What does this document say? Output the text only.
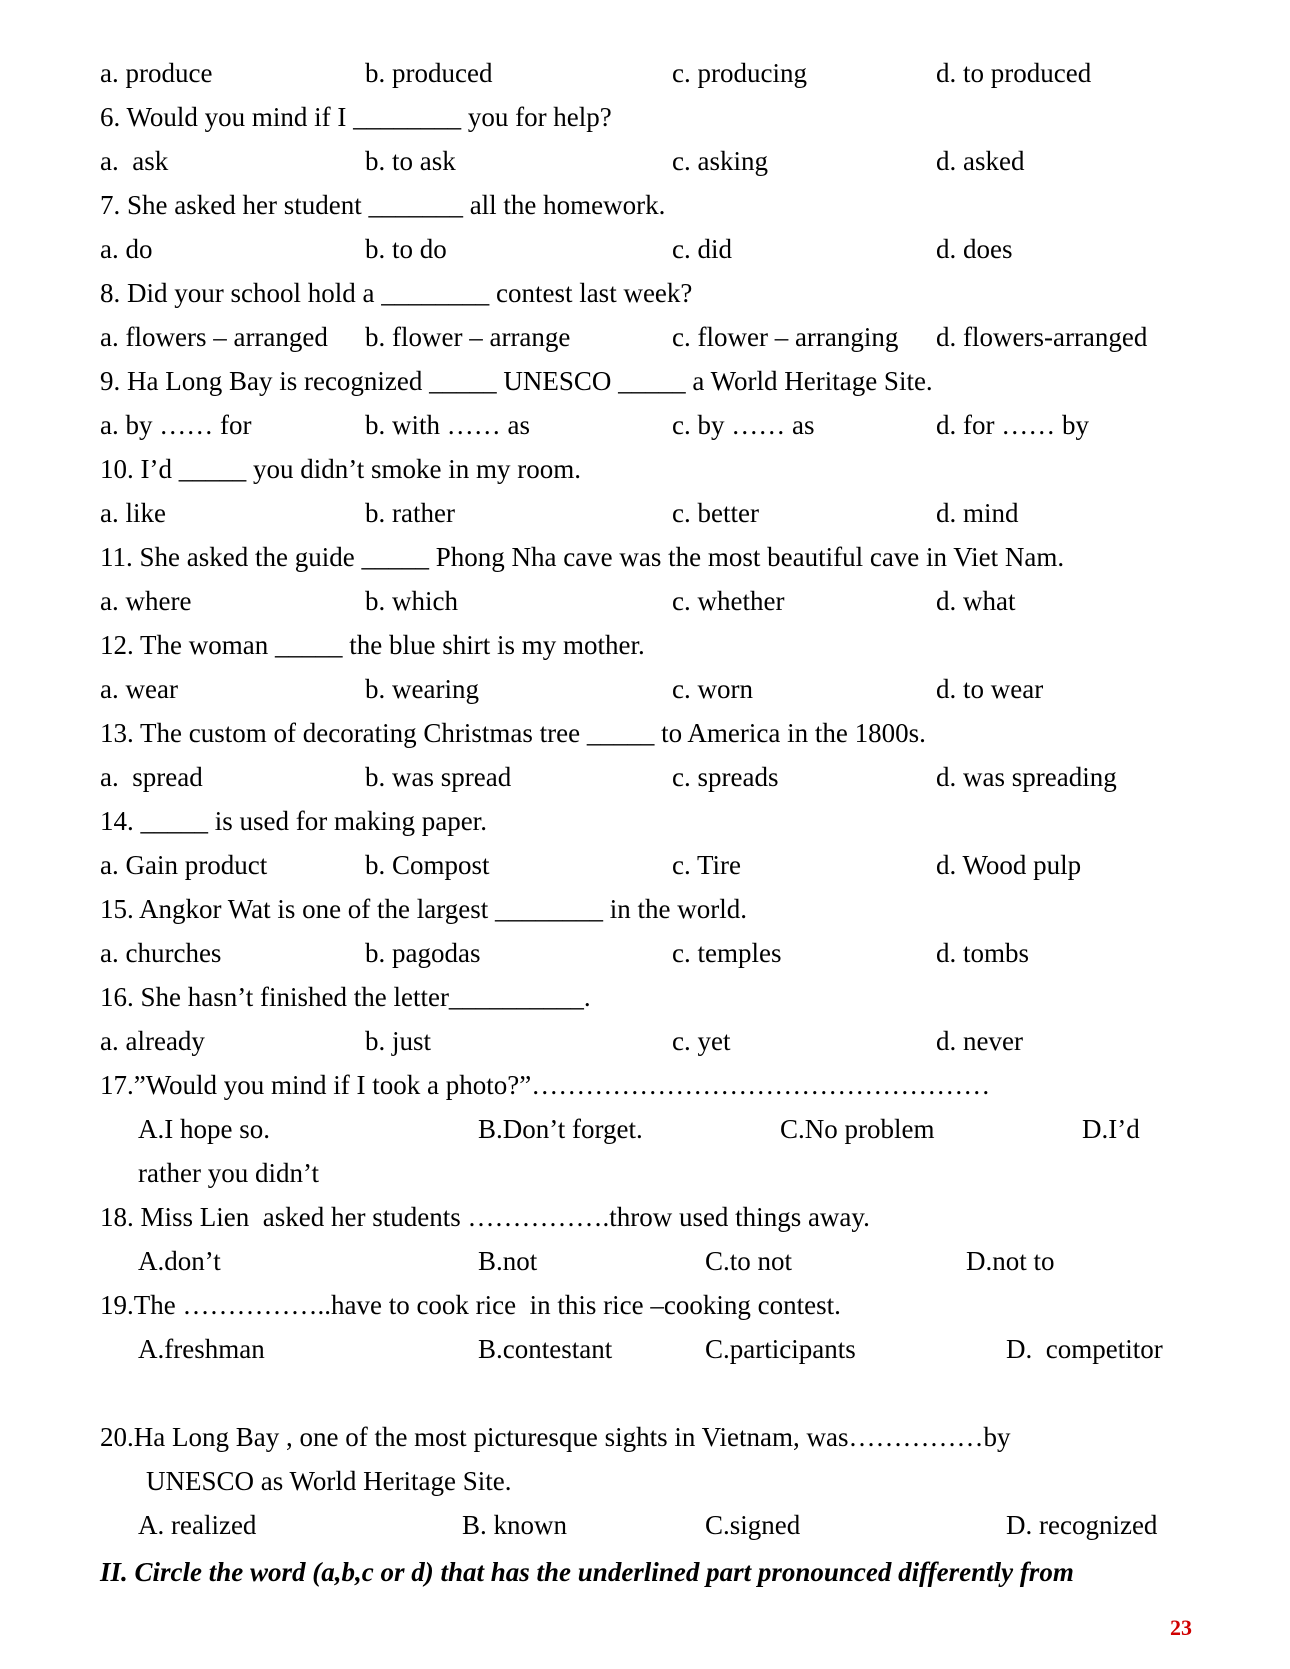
a. produce	b. produced	c. producing	d. to produced
6. Would you mind if I ________ you for help?
a.  ask	b. to ask	c. asking	d. asked
7. She asked her student _______ all the homework.
a. do	b. to do	c. did	d. does
8. Did your school hold a ________ contest last week?
a. flowers – arranged b. flower – arrange	c. flower – arranging d. flowers-arranged
9. Ha Long Bay is recognized _____ UNESCO _____ a World Heritage Site.
a. by …… for	b. with …… as	c. by …… as	d. for …… by
10. I’d _____ you didn’t smoke in my room.
a. like	b. rather	c. better	d. mind
11. She asked the guide _____ Phong Nha cave was the most beautiful cave in Viet Nam.
a. where	b. which	c. whether	d. what
12. The woman _____ the blue shirt is my mother.
a. wear	b. wearing	c. worn	d. to wear
13. The custom of decorating Christmas tree _____ to America in the 1800s.
a.  spread	b. was spread	c. spreads	d. was spreading
14. _____ is used for making paper.
a. Gain product	b. Compost	c. Tire	d. Wood pulp
15. Angkor Wat is one of the largest ________ in the world.
a. churches	b. pagodas	c. temples	d. tombs
16. She hasn’t finished the letter__________.
a. already	b. just	c. yet	d. never
17.”Would you mind if I took a photo?”……………………………………………
A.I hope so.	B.Don’t forget.	C.No problem	D.I’d
rather you didn’t
18. Miss Lien  asked her students …………….throw used things away.
A.don’t	B.not	C.to not	D.not to
19.The ……………..have to cook rice  in this rice –cooking contest.
A.freshman	B.contestant	C.participants	D.  competitor
20.Ha Long Bay , one of the most picturesque sights in Vietnam, was……………by
UNESCO as World Heritage Site.
A. realized	B. known	C.signed	D. recognized
II. Circle the word (a,b,c or d) that has the underlined part pronounced differently from
23
